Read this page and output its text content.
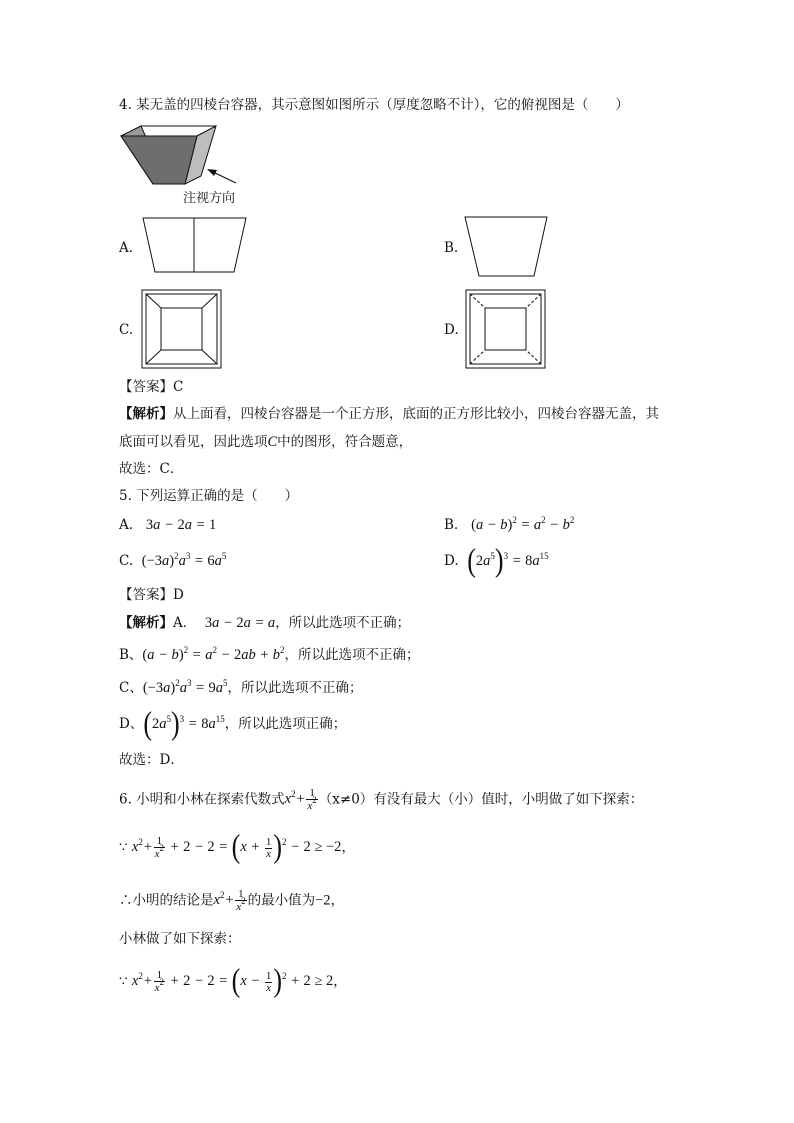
4. 某无盖的四棱台容器，其示意图如图所示（厚度忽略不计），它的俯视图是（　　）
注视方向
A.	B.
C.	D.
【答案】C
【解析】从上面看，四棱台容器是一个正方形，底面的正方形比较小，四棱台容器无盖，其
底面可以看见，因此选项C中的图形，符合题意，
故选：C．
5. 下列运算正确的是（　　）
A. 3a − 2a = 1	B. $(a - b)^2 = a^2 - b^2$
C. $(-3a)^2a^3 = 6a^5$	D. $(2a^5)^3 = 8a^{15}$
【答案】D
【解析】A． 3a − 2a = a，所以此选项不正确；
B、$(a - b)^2 = a^2 - 2ab + b^2$，所以此选项不正确；
C、$(-3a)^2a^3 = 9a^5$，所以此选项不正确；
D、$(2a^5)^3 = 8a^{15}$，所以此选项正确；
故选：D．
6. 小明和小林在探索代数式$x^2+ \frac{1}{x^2} (x\ne 0)$有没有最大（小）值时，小明做了如下探索：
∵ $x^2+ \frac{1}{x^2} + 2 - 2 = (x + \frac{1}{x} )^2 - 2 \ge -2$，
∴小明的结论是$x^2+ \frac{1}{x^2}$ 的最小值为−2，
小林做了如下探索：
∵ $x^2+ \frac{1}{x^2} + 2 - 2 = (x - \frac{1}{x} )^2 + 2 \ge 2$，
